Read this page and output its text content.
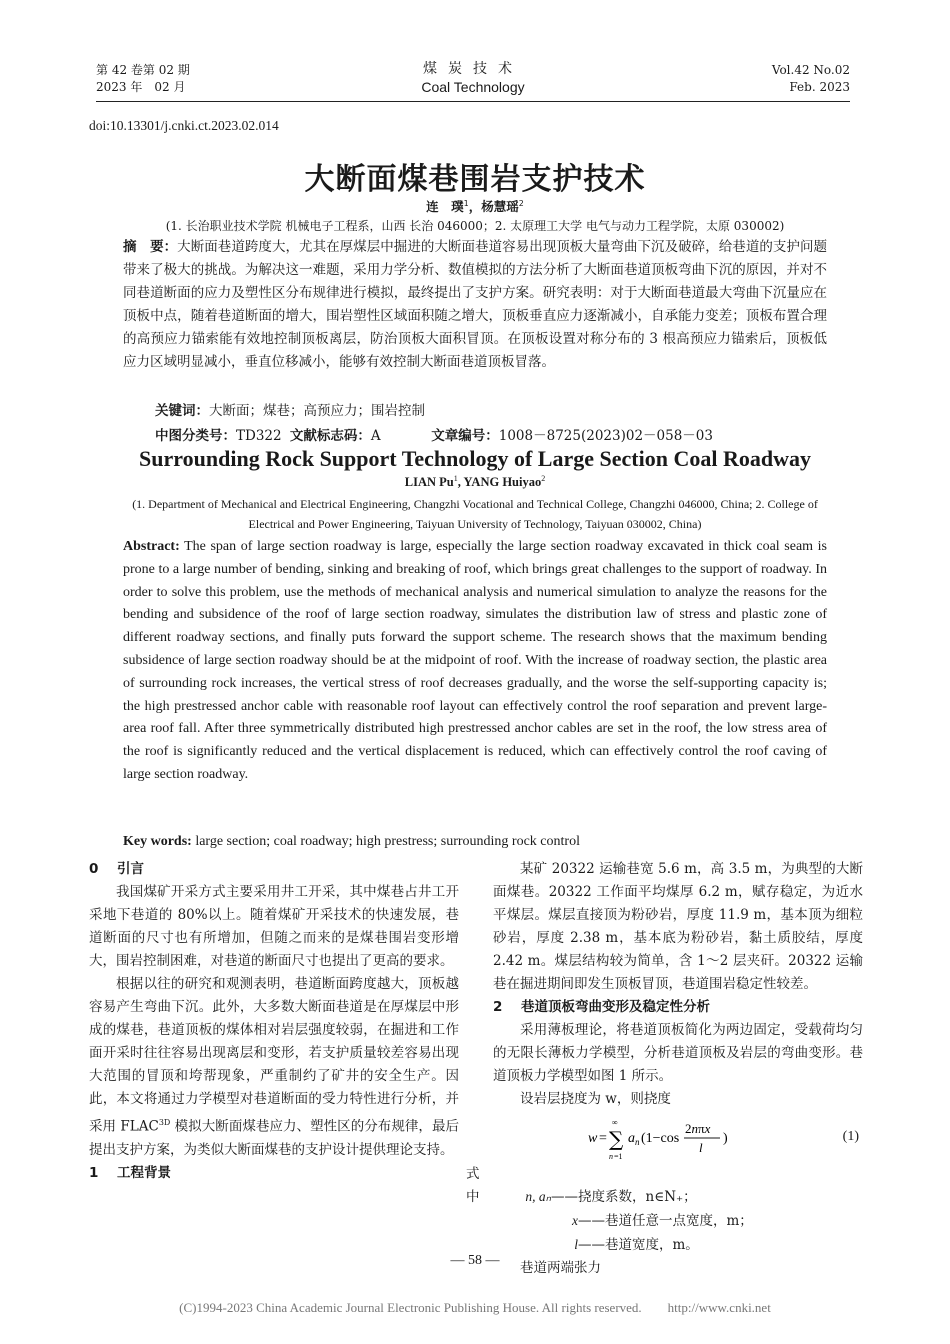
第 42 卷第 02 期
2023 年　02 月
煤炭技术
Coal Technology
Vol.42 No.02
Feb. 2023
doi:10.13301/j.cnki.ct.2023.02.014
大断面煤巷围岩支护技术
连　璞$^1$，杨慧瑶$^2$
(1. 长治职业技术学院 机械电子工程系，山西 长治 046000；2. 太原理工大学 电气与动力工程学院，太原 030002)
摘　要：大断面巷道跨度大，尤其在厚煤层中掘进的大断面巷道容易出现顶板大量弯曲下沉及破碎，给巷道的支护问题带来了极大的挑战。为解决这一难题，采用力学分析、数值模拟的方法分析了大断面巷道顶板弯曲下沉的原因，并对不同巷道断面的应力及塑性区分布规律进行模拟，最终提出了支护方案。研究表明：对于大断面巷道最大弯曲下沉量应在顶板中点，随着巷道断面的增大，围岩塑性区域面积随之增大，顶板垂直应力逐渐减小，自承能力变差；顶板布置合理的高预应力锚索能有效地控制顶板离层，防治顶板大面积冒顶。在顶板设置对称分布的 3 根高预应力锚索后，顶板低应力区域明显减小，垂直位移减小，能够有效控制大断面巷道顶板冒落。
关键词：大断面；煤巷；高预应力；围岩控制
中图分类号：TD322 文献标志码：A	文章编号：1008－8725(2023)02－058－03
Surrounding Rock Support Technology of Large Section Coal Roadway
LIAN Pu$^1$, YANG Huiyao$^2$
(1. Department of Mechanical and Electrical Engineering, Changzhi Vocational and Technical College, Changzhi 046000, China; 2. College of Electrical and Power Engineering, Taiyuan University of Technology, Taiyuan 030002, China)
Abstract: The span of large section roadway is large, especially the large section roadway excavated in thick coal seam is prone to a large number of bending, sinking and breaking of roof, which brings great challenges to the support of roadway. In order to solve this problem, use the methods of mechanical analysis and numerical simulation to analyze the reasons for the bending and subsidence of the roof of large section roadway, simulates the distribution law of stress and plastic zone of different roadway sections, and finally puts forward the support scheme. The research shows that the maximum bending subsidence of large section roadway should be at the midpoint of roof. With the increase of roadway section, the plastic area of surrounding rock increases, the vertical stress of roof decreases gradually, and the worse the self-supporting capacity is; the high prestressed anchor cable with reasonable roof layout can effectively control the roof separation and prevent large-area roof fall. After three symmetrically distributed high prestressed anchor cables are set in the roof, the low stress area of the roof is significantly reduced and the vertical displacement is reduced, which can effectively control the roof caving of large section roadway.
Key words: large section; coal roadway; high prestress; surrounding rock control
0 引言

我国煤矿开采方式主要采用井工开采，其中煤巷占井工开采地下巷道的 80%以上。随着煤矿开采技术的快速发展，巷道断面的尺寸也有所增加，但随之而来的是煤巷围岩变形增大，围岩控制困难，对巷道的断面尺寸也提出了更高的要求。

根据以往的研究和观测表明，巷道断面跨度越大，顶板越容易产生弯曲下沉。此外，大多数大断面巷道是在厚煤层中形成的煤巷，巷道顶板的煤体相对岩层强度较弱，在掘进和工作面开采时往往容易出现离层和变形，若支护质量较差容易出现大范围的冒顶和垮帮现象，严重制约了矿井的安全生产。因此，本文将通过力学模型对巷道断面的受力特性进行分析，并采用 $FLAC^{3D}$ 模拟大断面煤巷应力、塑性区的分布规律，最后提出支护方案，为类似大断面煤巷的支护设计提供理论支持。

1 工程背景

某矿 20322 运输巷宽 5.6 m，高 3.5 m，为典型的大断面煤巷。20322 工作面平均煤厚 6.2 m，赋存稳定，为近水平煤层。煤层直接顶为粉砂岩，厚度 11.9 m，基本顶为细粒砂岩，厚度 2.38 m，基本底为粉砂岩，黏土质胶结，厚度 2.42 m。煤层结构较为简单，含 1～2 层夹矸。20322 运输巷在掘进期间即发生顶板冒顶，巷道围岩稳定性较差。

2 巷道顶板弯曲变形及稳定性分析

采用薄板理论，将巷道顶板简化为两边固定，受载荷均匀的无限长薄板力学模型，分析巷道顶板及岩层的弯曲变形。巷道顶板力学模型如图 1 所示。

设岩层挠度为 w，则挠度

w =
∞
∑
n =1
a n (1−cos
2nπx
l
)	(1)
式中	n, aₙ——挠度系数，n∈N₊；
x——巷道任意一点宽度，m；
l——巷道宽度，m。

巷道两端张力

— 58 —
(C)1994-2023 China Academic Journal Electronic Publishing House. All rights reserved.　　http://www.cnki.net
